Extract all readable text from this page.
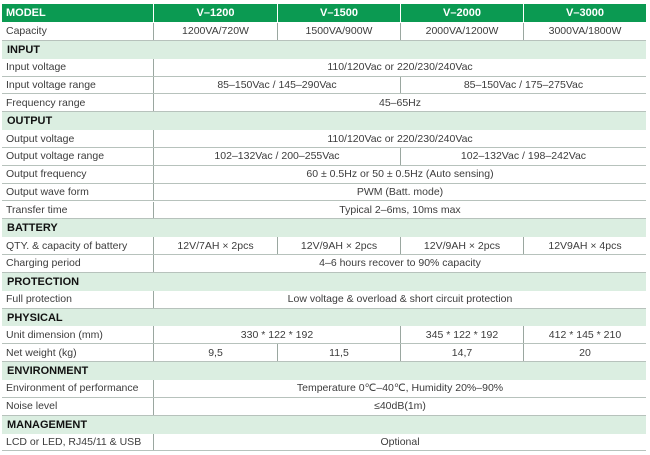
MODEL	V–1200	V–1500	V–2000	V–3000
Capacity	1200VA/720W	1500VA/900W	2000VA/1200W	3000VA/1800W
INPUT
Input voltage	110/120Vac or 220/230/240Vac
Input voltage range	85–150Vac / 145–290Vac	85–150Vac / 175–275Vac
Frequency range	45–65Hz
OUTPUT
Output voltage	110/120Vac or 220/230/240Vac
Output voltage range	102–132Vac / 200–255Vac	102–132Vac / 198–242Vac
Output frequency	60 ± 0.5Hz or 50 ± 0.5Hz (Auto sensing)
Output wave form	PWM (Batt. mode)
Transfer time	Typical 2–6ms, 10ms max
BATTERY
QTY. & capacity of battery	12V/7AH × 2pcs	12V/9AH × 2pcs	12V/9AH × 2pcs	12V9AH × 4pcs
Charging period	4–6 hours recover to 90% capacity
PROTECTION
Full protection	Low voltage & overload & short circuit protection
PHYSICAL
Unit dimension (mm)	330 * 122 * 192	345 * 122 * 192	412 * 145 * 210
Net weight (kg)	9,5	11,5	14,7	20
ENVIRONMENT
Environment of performance	Temperature 0℃–40℃, Humidity 20%–90%
Noise level	≤40dB(1m)
MANAGEMENT
LCD or LED, RJ45/11 & USB	Optional
